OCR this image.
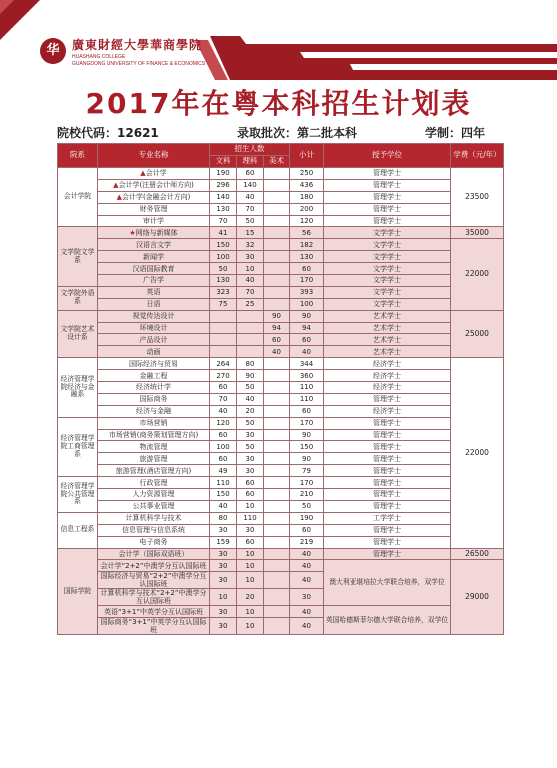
华	廣東財經大學華商學院
HUASHANG COLLEGE
GUANGDONG UNIVERSITY OF FINANCE & ECONOMICS
2017年在粤本科招生计划表
院校代码：12621	录取批次：第二批本科	学制：四年
院系	专业名称	招生人数			小计	授予学位	学费（元/年）
		文科	理科	美术			
会计学院	▲会计学	190	60		250	管理学士	23500
	▲会计学(注册会计师方向)	296	140		436	管理学士	
	▲会计学(金融会计方向)	140	40		180	管理学士	
	财务管理	130	70		200	管理学士	
	审计学	70	50		120	管理学士	
文学院文学系	★网络与新媒体	41	15		56	文学学士	35000
	汉语言文学	150	32		182	文学学士	22000
	新闻学	100	30		130	文学学士	
	汉语国际教育	50	10		60	文学学士	
	广告学	130	40		170	文学学士	
文学院外语系	英语	323	70		393	文学学士	
	日语	75	25		100	文学学士	
文学院艺术设计系	视觉传达设计			90	90	艺术学士	25000
	环境设计			94	94	艺术学士	
	产品设计			60	60	艺术学士	
	动画			40	40	艺术学士	
经济管理学院经济与金融系	国际经济与贸易	264	80		344	经济学士	22000
	金融工程	270	90		360	经济学士	
	经济统计学	60	50		110	经济学士	
	国际商务	70	40		110	管理学士	
	经济与金融	40	20		60	经济学士	
经济管理学院工商管理系	市场营销	120	50		170	管理学士	
	市场营销(商务策划管理方向)	60	30		90	管理学士	
	物流管理	100	50		150	管理学士	
	旅游管理	60	30		90	管理学士	
	旅游管理(酒店管理方向)	49	30		79	管理学士	
经济管理学院公共管理系	行政管理	110	60		170	管理学士	
	人力资源管理	150	60		210	管理学士	
	公共事业管理	40	10		50	管理学士	
信息工程系	计算机科学与技术	80	110		190	工学学士	
	信息管理与信息系统	30	30		60	管理学士	
	电子商务	159	60		219	管理学士	
国际学院	会计学（国际双语班）	30	10		40	管理学士	26500
	会计学“2+2”中澳学分互认国际班	30	10		40	澳大利亚堪培拉大学联合培养，双学位	29000
	国际经济与贸易“2+2”中澳学分互认国际班	30	10		40		
	计算机科学与技术“2+2”中澳学分互认国际班	10	20		30		
	英语“3+1”中英学分互认国际班	30	10		40	英国哈德斯菲尔德大学联合培养，双学位	
	国际商务“3+1”中英学分互认国际班	30	10		40		
